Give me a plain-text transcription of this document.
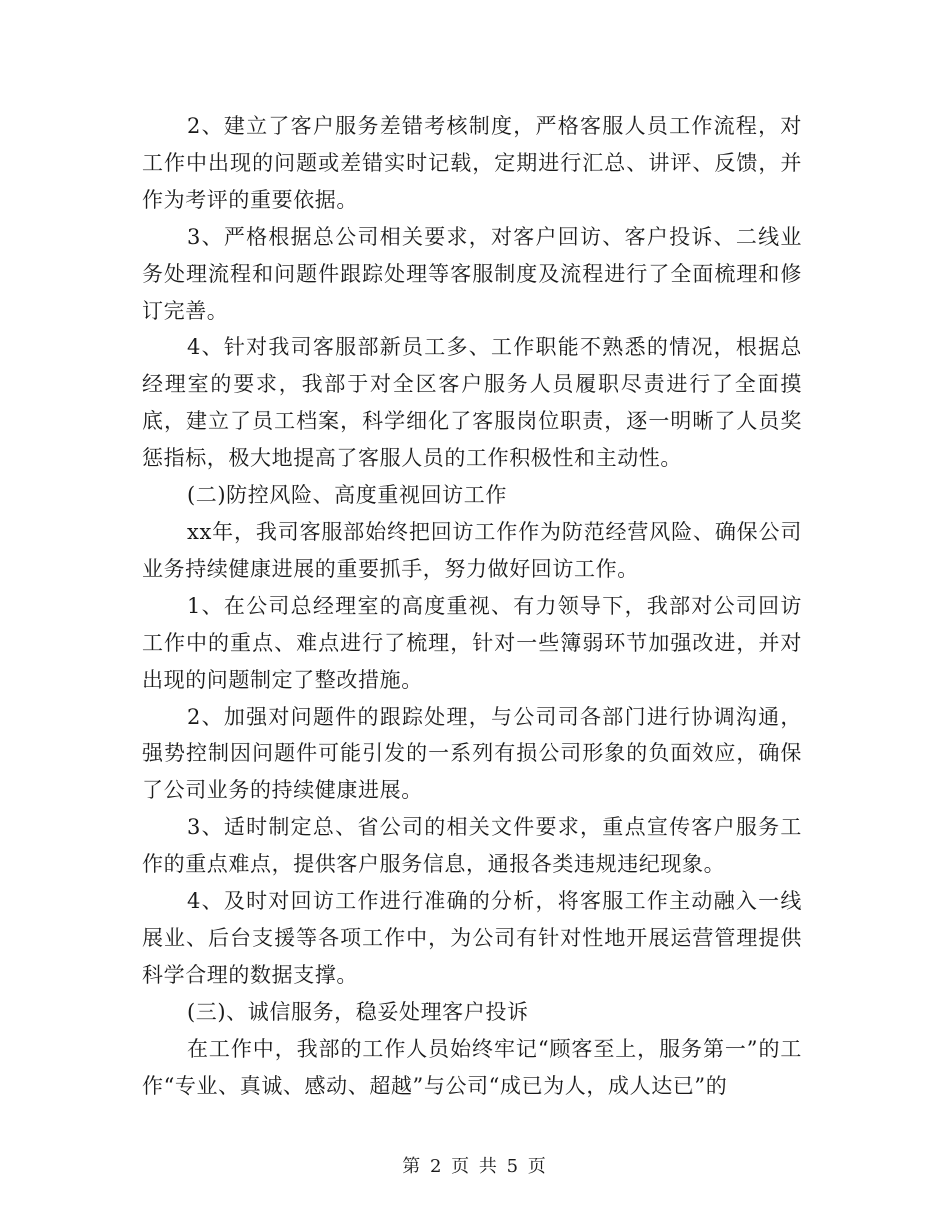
2、建立了客户服务差错考核制度，严格客服人员工作流程，对工作中出现的问题或差错实时记载，定期进行汇总、讲评、反馈，并作为考评的重要依据。

3、严格根据总公司相关要求，对客户回访、客户投诉、二线业务处理流程和问题件跟踪处理等客服制度及流程进行了全面梳理和修订完善。

4、针对我司客服部新员工多、工作职能不熟悉的情况，根据总经理室的要求，我部于对全区客户服务人员履职尽责进行了全面摸底，建立了员工档案，科学细化了客服岗位职责，逐一明晰了人员奖惩指标，极大地提高了客服人员的工作积极性和主动性。

(二)防控风险、高度重视回访工作

xx年，我司客服部始终把回访工作作为防范经营风险、确保公司业务持续健康进展的重要抓手，努力做好回访工作。

1、在公司总经理室的高度重视、有力领导下，我部对公司回访工作中的重点、难点进行了梳理，针对一些簿弱环节加强改进，并对出现的问题制定了整改措施。

2、加强对问题件的跟踪处理，与公司司各部门进行协调沟通，强势控制因问题件可能引发的一系列有损公司形象的负面效应，确保了公司业务的持续健康进展。

3、适时制定总、省公司的相关文件要求，重点宣传客户服务工作的重点难点，提供客户服务信息，通报各类违规违纪现象。

4、及时对回访工作进行准确的分析，将客服工作主动融入一线展业、后台支援等各项工作中，为公司有针对性地开展运营管理提供科学合理的数据支撑。

(三)、诚信服务，稳妥处理客户投诉

在工作中，我部的工作人员始终牢记“顾客至上，服务第一”的工作“专业、真诚、感动、超越”与公司“成已为人，成人达已”的

第 2 页 共 5 页
